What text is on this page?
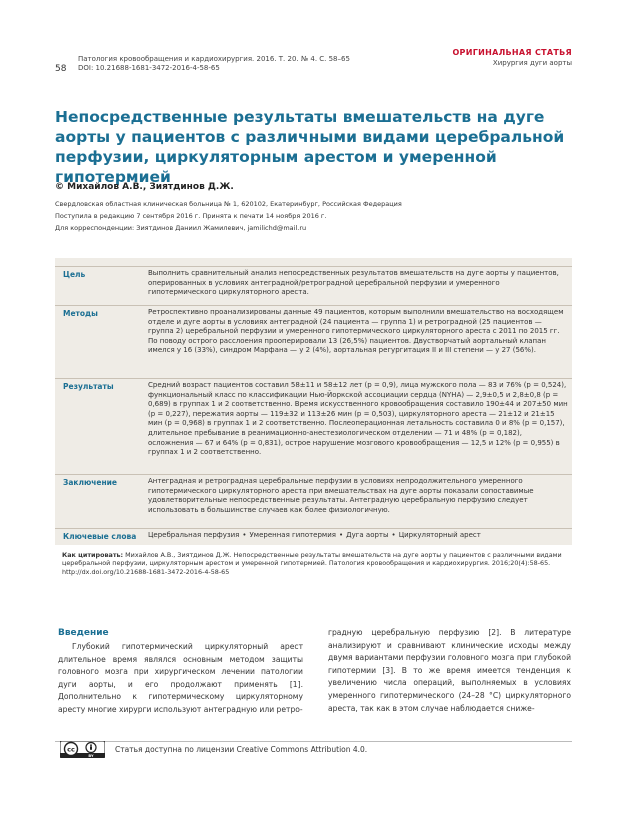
58
Патология кровообращения и кардиохирургия. 2016. Т. 20. № 4. С. 58–65
DOI: 10.21688-1681-3472-2016-4-58-65
ОРИГИНАЛЬНАЯ СТАТЬЯ
Хирургия дуги аорты
Непосредственные результаты вмешательств на дуге аорты у пациентов с различными видами церебральной перфузии, циркуляторным арестом и умеренной гипотермией
© Михайлов А.В., Зиятдинов Д.Ж.
Свердловская областная клиническая больница № 1, 620102, Екатеринбург, Российская Федерация
Поступила в редакцию 7 сентября 2016 г. Принята к печати 14 ноября 2016 г.
Для корреспонденции: Зиятдинов Даниил Жамилевич, jamilichd@mail.ru
Цель	Выполнить сравнительный анализ непосредственных результатов вмешательств на дуге аорты у пациентов, оперированных в условиях антеградной/ретроградной церебральной перфузии и умеренного гипотермического циркуляторного ареста.
Методы	Ретроспективно проанализированы данные 49 пациентов, которым выполнили вмешательство на восходящем отделе и дуге аорты в условиях антеградной (24 пациента — группа 1) и ретроградной (25 пациентов — группа 2) церебральной перфузии и умеренного гипотермического циркуляторного ареста с 2011 по 2015 гг. По поводу острого расслоения прооперировали 13 (26,5%) пациентов. Двустворчатый аортальный клапан имелся у 16 (33%), синдром Марфана — у 2 (4%), аортальная регургитация II и III степени — у 27 (56%).
Результаты	Средний возраст пациентов составил 58±11 и 58±12 лет (p = 0,9), лица мужского пола — 83 и 76% (p = 0,524), функциональный класс по классификации Нью-Йоркской ассоциации сердца (NYHA) — 2,9±0,5 и 2,8±0,8 (p = 0,689) в группах 1 и 2 соответственно. Время искусственного кровообращения составило 190±44 и 207±50 мин (p = 0,227), пережатия аорты — 119±32 и 113±26 мин (p = 0,503), циркуляторного ареста — 21±12 и 21±15 мин (p = 0,968) в группах 1 и 2 соответственно. Послеоперационная летальность составила 0 и 8% (p = 0,157), длительное пребывание в реанимационно-анестезиологическом отделении — 71 и 48% (p = 0,182), осложнения — 67 и 64% (p = 0,831), острое нарушение мозгового кровообращения — 12,5 и 12% (p = 0,955) в группах 1 и 2 соответственно.
Заключение	Антеградная и ретроградная церебральные перфузии в условиях непродолжительного умеренного гипотермического циркуляторного ареста при вмешательствах на дуге аорты показали сопоставимые удовлетворительные непосредственные результаты. Антеградную церебральную перфузию следует использовать в большинстве случаев как более физиологичную.
Ключевые слова Церебральная перфузия • Умеренная гипотермия • Дуга аорты • Циркуляторный арест
Как цитировать: Михайлов А.В., Зиятдинов Д.Ж. Непосредственные результаты вмешательств на дуге аорты у пациентов с различными видами церебральной перфузии, циркуляторным арестом и умеренной гипотермией. Патология кровообращения и кардиохирургия. 2016;20(4):58-65. http://dx.doi.org/10.21688-1681-3472-2016-4-58-65
Введение

Глубокий гипотермический циркуляторный арест длительное время являлся основным методом защиты головного мозга при хирургическом лечении патологии дуги аорты, и его продолжают применять [1]. Дополнительно к гипотермическому циркуляторному аресту многие хирурги используют антеградную или ретро-

градную церебральную перфузию [2]. В литературе анализируют и сравнивают клинические исходы между двумя вариантами перфузии головного мозга при глубокой гипотермии [3]. В то же время имеется тенденция к увеличению числа операций, выполняемых в условиях умеренного гипотермического (24–28 °С) циркуляторного ареста, так как в этом случае наблюдается сниже-

cc
BY
Статья доступна по лицензии Creative Commons Attribution 4.0.
